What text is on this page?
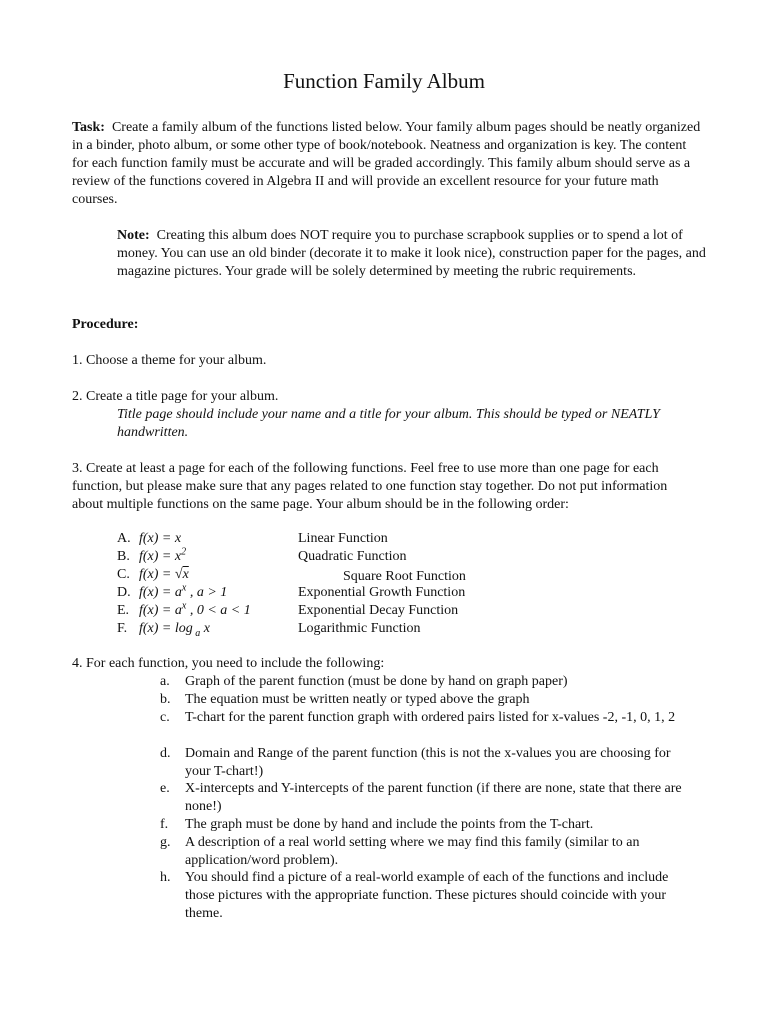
Function Family Album
Task: Create a family album of the functions listed below. Your family album pages should be neatly organized in a binder, photo album, or some other type of book/notebook. Neatness and organization is key. The content for each function family must be accurate and will be graded accordingly. This family album should serve as a review of the functions covered in Algebra II and will provide an excellent resource for your future math courses.
Note: Creating this album does NOT require you to purchase scrapbook supplies or to spend a lot of money. You can use an old binder (decorate it to make it look nice), construction paper for the pages, and magazine pictures. Your grade will be solely determined by meeting the rubric requirements.
Procedure:
1. Choose a theme for your album.
2. Create a title page for your album.
Title page should include your name and a title for your album. This should be typed or NEATLY handwritten.
3. Create at least a page for each of the following functions. Feel free to use more than one page for each function, but please make sure that any pages related to one function stay together. Do not put information about multiple functions on the same page. Your album should be in the following order:
A. f(x) = x	Linear Function
B. $f(x) = x^2$	Quadratic Function
C. f(x) = √x	Square Root Function
D. $f(x) = a^x$ , a > 1	Exponential Growth Function
E. $f(x) = a^x$ , 0 < a < 1	Exponential Decay Function
F. f(x) = log $_a$ x	Logarithmic Function
4. For each function, you need to include the following:
a.	Graph of the parent function (must be done by hand on graph paper)
b.	The equation must be written neatly or typed above the graph
c.	T-chart for the parent function graph with ordered pairs listed for x-values -2, -1, 0, 1, 2
d.	Domain and Range of the parent function (this is not the x-values you are choosing for your T-chart!)
e.	X-intercepts and Y-intercepts of the parent function (if there are none, state that there are none!)
f.	The graph must be done by hand and include the points from the T-chart.
g.	A description of a real world setting where we may find this family (similar to an application/word problem).
h.	You should find a picture of a real-world example of each of the functions and include those pictures with the appropriate function. These pictures should coincide with your theme.
